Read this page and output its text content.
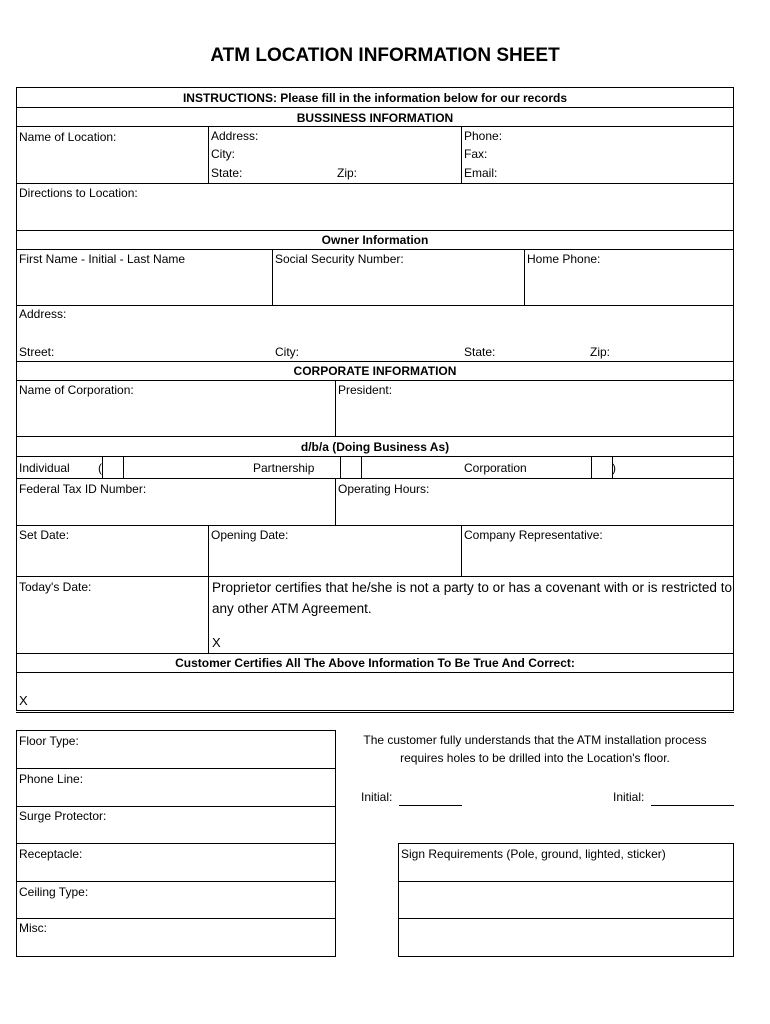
ATM LOCATION INFORMATION SHEET
INSTRUCTIONS: Please fill in the information below for our records
BUSSINESS INFORMATION
Name of Location:	Address:
City:
State:	Zip:
Phone:
Fax:
Email:
Directions to Location:
Owner Information
First Name - Initial - Last Name	Social Security Number:	Home Phone:
Address:
Street:	City:	State:	Zip:
CORPORATE INFORMATION
Name of Corporation:	President:
d/b/a (Doing Business As)
Individual (	Partnership	Corporation	)
Federal Tax ID Number:	Operating Hours:
Set Date:	Opening Date:	Company Representative:
Today's Date:	Proprietor certifies that he/she is not a party to or has a covenant with or is restricted to any other ATM Agreement.
X
Customer Certifies All The Above Information To Be True And Correct:
X
Floor Type:
Phone Line:
Surge Protector:
Receptacle:
Ceiling Type:
Misc:
The customer fully understands that the ATM installation process
requires holes to be drilled into the Location's floor.
Initial:	Initial:
Sign Requirements (Pole, ground, lighted, sticker)
